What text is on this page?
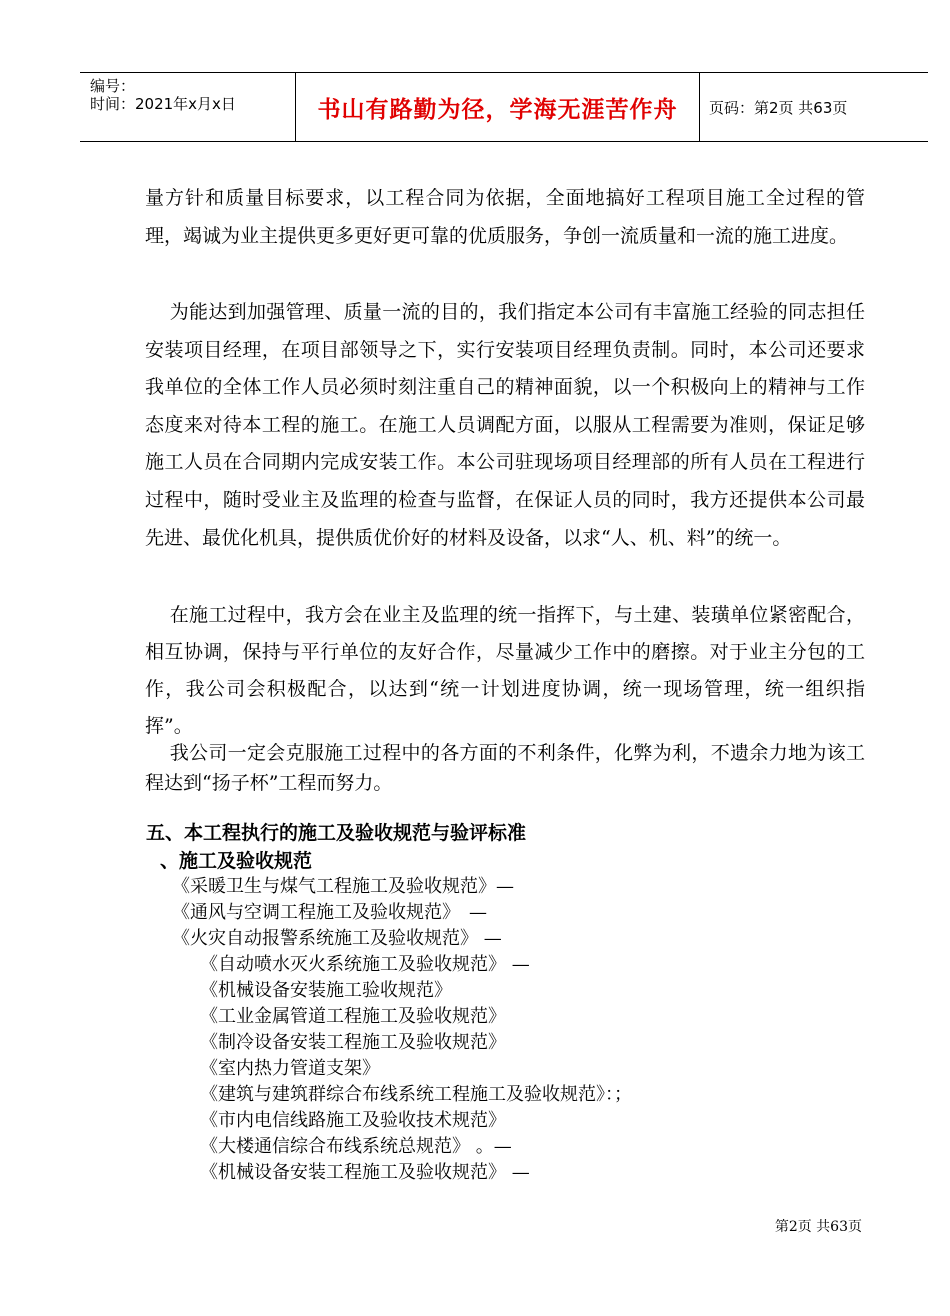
编号：
时间：2021年x月x日	书山有路勤为径，学海无涯苦作舟	页码：第2页 共63页
量方针和质量目标要求，以工程合同为依据，全面地搞好工程项目施工全过程的管理，竭诚为业主提供更多更好更可靠的优质服务，争创一流质量和一流的施工进度。
为能达到加强管理、质量一流的目的，我们指定本公司有丰富施工经验的同志担任安装项目经理，在项目部领导之下，实行安装项目经理负责制。同时，本公司还要求我单位的全体工作人员必须时刻注重自己的精神面貌，以一个积极向上的精神与工作态度来对待本工程的施工。在施工人员调配方面，以服从工程需要为准则，保证足够施工人员在合同期内完成安装工作。本公司驻现场项目经理部的所有人员在工程进行过程中，随时受业主及监理的检查与监督，在保证人员的同时，我方还提供本公司最先进、最优化机具，提供质优价好的材料及设备，以求“人、机、料”的统一。
在施工过程中，我方会在业主及监理的统一指挥下，与土建、装璜单位紧密配合，相互协调，保持与平行单位的友好合作，尽量减少工作中的磨擦。对于业主分包的工作，我公司会积极配合，以达到“统一计划进度协调，统一现场管理，统一组织指挥”。
我公司一定会克服施工过程中的各方面的不利条件，化弊为利，不遗余力地为该工程达到“扬子杯”工程而努力。
五、本工程执行的施工及验收规范与验评标准
、施工及验收规范
《采暖卫生与煤气工程施工及验收规范》—
《通风与空调工程施工及验收规范》　—
《火灾自动报警系统施工及验收规范》 —
《自动喷水灭火系统施工及验收规范》 —
《机械设备安装施工验收规范》
《工业金属管道工程施工及验收规范》
《制冷设备安装工程施工及验收规范》
《室内热力管道支架》
《建筑与建筑群综合布线系统工程施工及验收规范》：；
《市内电信线路施工及验收技术规范》
《大楼通信综合布线系统总规范》 。—
《机械设备安装工程施工及验收规范》 —
第2页 共63页
